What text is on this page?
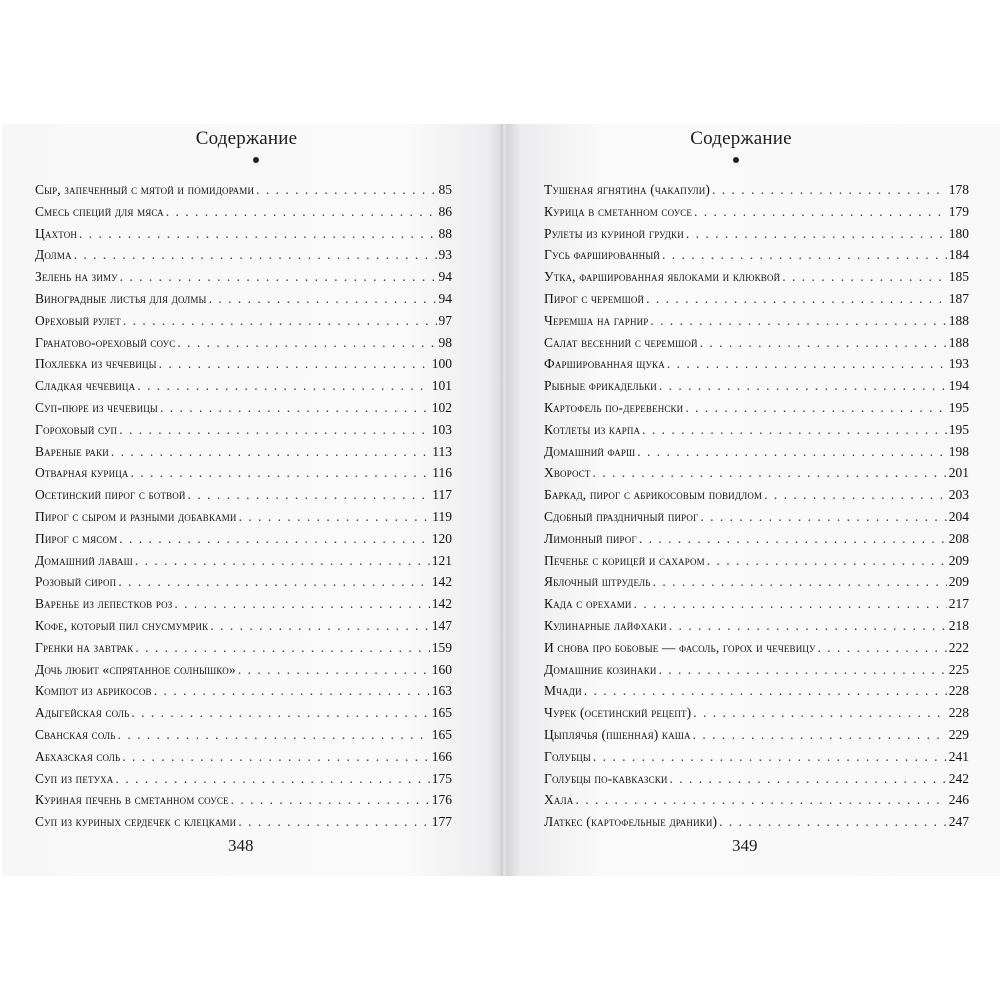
Содержание
Сыр, запеченный с мятой и помидорами . . .	85
Смесь специй для мяса . . .	86
Цахтон . . .	88
Долма . . .	93
Зелень на зиму . . .	94
Виноградные листья для долмы . . .	94
Ореховый рулет . . .	97
Гранатово-ореховый соус . . .	98
Похлебка из чечевицы . . .	100
Сладкая чечевица . . .	101
Суп-пюре из чечевицы . . .	102
Гороховый суп . . .	103
Вареные раки . . .	113
Отварная курица . . .	116
Осетинский пирог с ботвой . . .	117
Пирог с сыром и разными добавками . . .	119
Пирог с мясом . . .	120
Домашний лаваш . . .	121
Розовый сироп . . .	142
Варенье из лепестков роз . . .	142
Кофе, который пил снусмумрик . . .	147
Гренки на завтрак . . .	159
Дочь любит «спрятанное солнышко» . . .	160
Компот из абрикосов . . .	163
Адыгейская соль . . .	165
Сванская соль . . .	165
Абхазская соль . . .	166
Суп из петуха . . .	175
Куриная печень в сметанном соусе . . .	176
Суп из куриных сердечек с клецками . . .	177
348
Содержание
Тушеная ягнятина (чакапули) . . .	178
Курица в сметанном соусе . . .	179
Рулеты из куриной грудки . . .	180
Гусь фаршированный . . .	184
Утка, фаршированная яблоками и клюквой . . .	185
Пирог с черемшой . . .	187
Черемша на гарнир . . .	188
Салат весенний с черемшой . . .	188
Фаршированная щука . . .	193
Рыбные фрикадельки . . .	194
Картофель по-деревенски . . .	195
Котлеты из карпа . . .	195
Домашний фарш . . .	198
Хворост . . .	201
Баркад, пирог с абрикосовым повидлом . . .	203
Сдобный праздничный пирог . . .	204
Лимонный пирог . . .	208
Печенье с корицей и сахаром . . .	209
Яблочный штрудель . . .	209
Када с орехами . . .	217
Кулинарные лайфхаки . . .	218
И снова про бобовые — фасоль, горох и чечевицу . . .	222
Домашние козинаки . . .	225
Мчади . . .	228
Чурек (осетинский рецепт) . . .	228
Цыплячья (пшенная) каша . . .	229
Голубцы . . .	241
Голубцы по-кавказски . . .	242
Хала . . .	246
Латкес (картофельные драники) . . .	247
349
